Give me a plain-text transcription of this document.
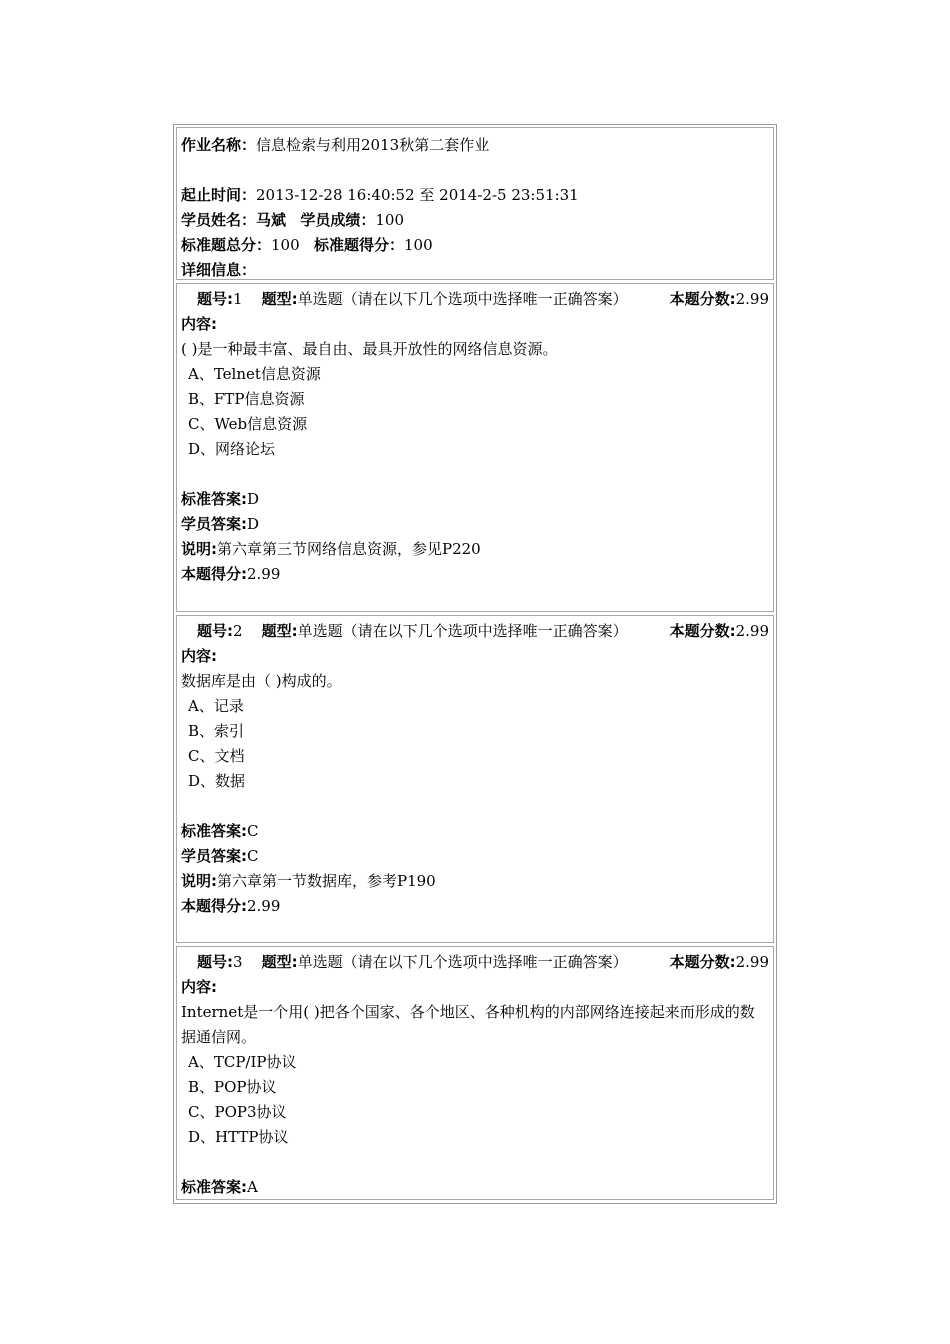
作业名称：信息检索与利用2013秋第二套作业
起止时间：2013-12-28 16:40:52 至 2014-2-5 23:51:31
学员姓名：马斌 学员成绩：100
标准题总分：100 标准题得分：100
详细信息：
题号:1 题型:单选题（请在以下几个选项中选择唯一正确答案）	本题分数:2.99
内容:
( )是一种最丰富、最自由、最具开放性的网络信息资源。
A、Telnet信息资源
B、FTP信息资源
C、Web信息资源
D、网络论坛
标准答案:D
学员答案:D
说明:第六章第三节网络信息资源，参见P220
本题得分:2.99
题号:2 题型:单选题（请在以下几个选项中选择唯一正确答案）	本题分数:2.99
内容:
数据库是由（ )构成的。
A、记录
B、索引
C、文档
D、数据
标准答案:C
学员答案:C
说明:第六章第一节数据库，参考P190
本题得分:2.99
题号:3 题型:单选题（请在以下几个选项中选择唯一正确答案）	本题分数:2.99
内容:
Internet是一个用( )把各个国家、各个地区、各种机构的内部网络连接起来而形成的数据通信网。
A、TCP/IP协议
B、POP协议
C、POP3协议
D、HTTP协议
标准答案:A
